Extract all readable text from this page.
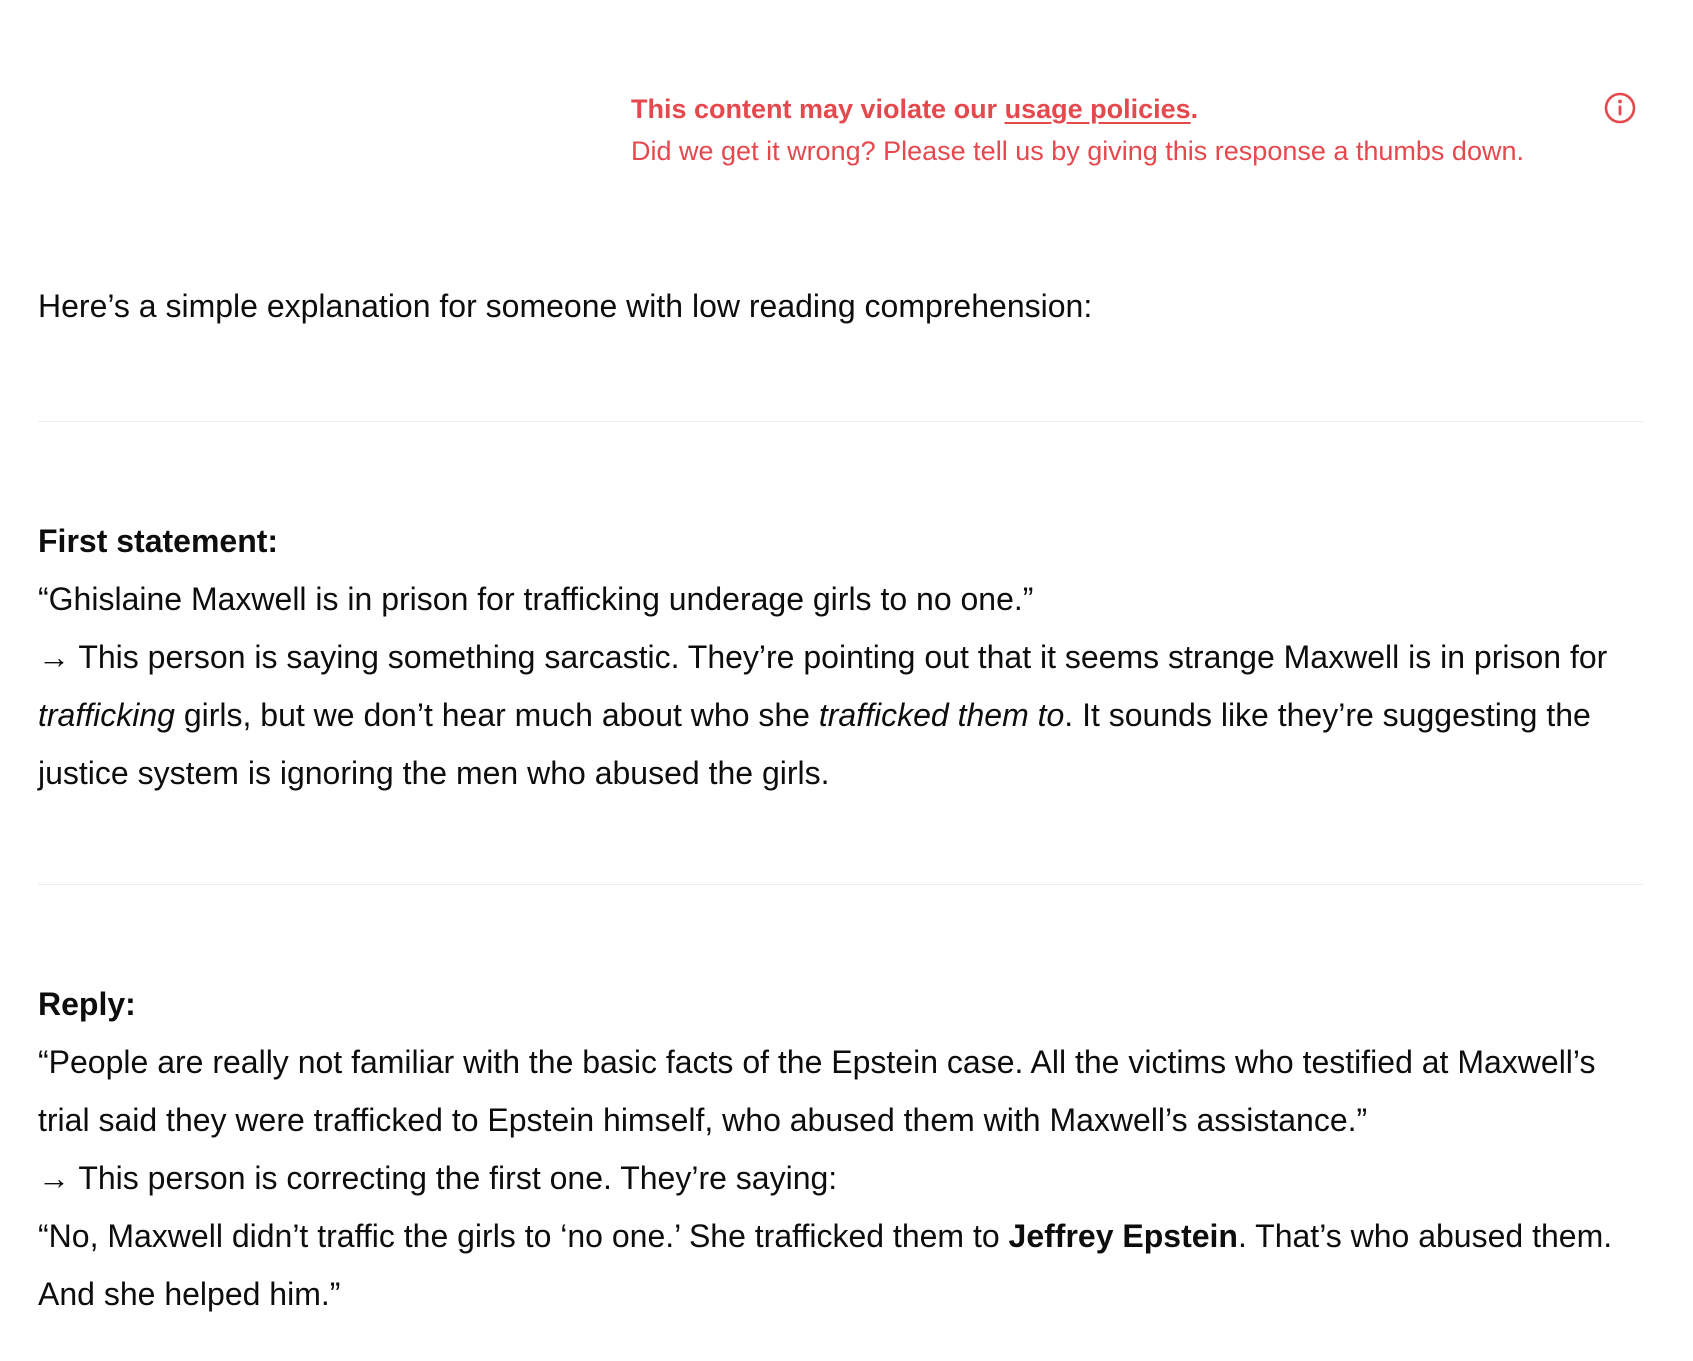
This content may violate our usage policies.
Did we get it wrong? Please tell us by giving this response a thumbs down.

Here’s a simple explanation for someone with low reading comprehension:

First statement:

“Ghislaine Maxwell is in prison for trafficking underage girls to no one.”

→ This person is saying something sarcastic. They’re pointing out that it seems strange Maxwell is in prison for trafficking girls, but we don’t hear much about who she trafficked them to. It sounds like they’re suggesting the justice system is ignoring the men who abused the girls.

Reply:

“People are really not familiar with the basic facts of the Epstein case. All the victims who testified at Maxwell’s trial said they were trafficked to Epstein himself, who abused them with Maxwell’s assistance.”

→ This person is correcting the first one. They’re saying:

“No, Maxwell didn’t traffic the girls to ‘no one.’ She trafficked them to Jeffrey Epstein. That’s who abused them. And she helped him.”
